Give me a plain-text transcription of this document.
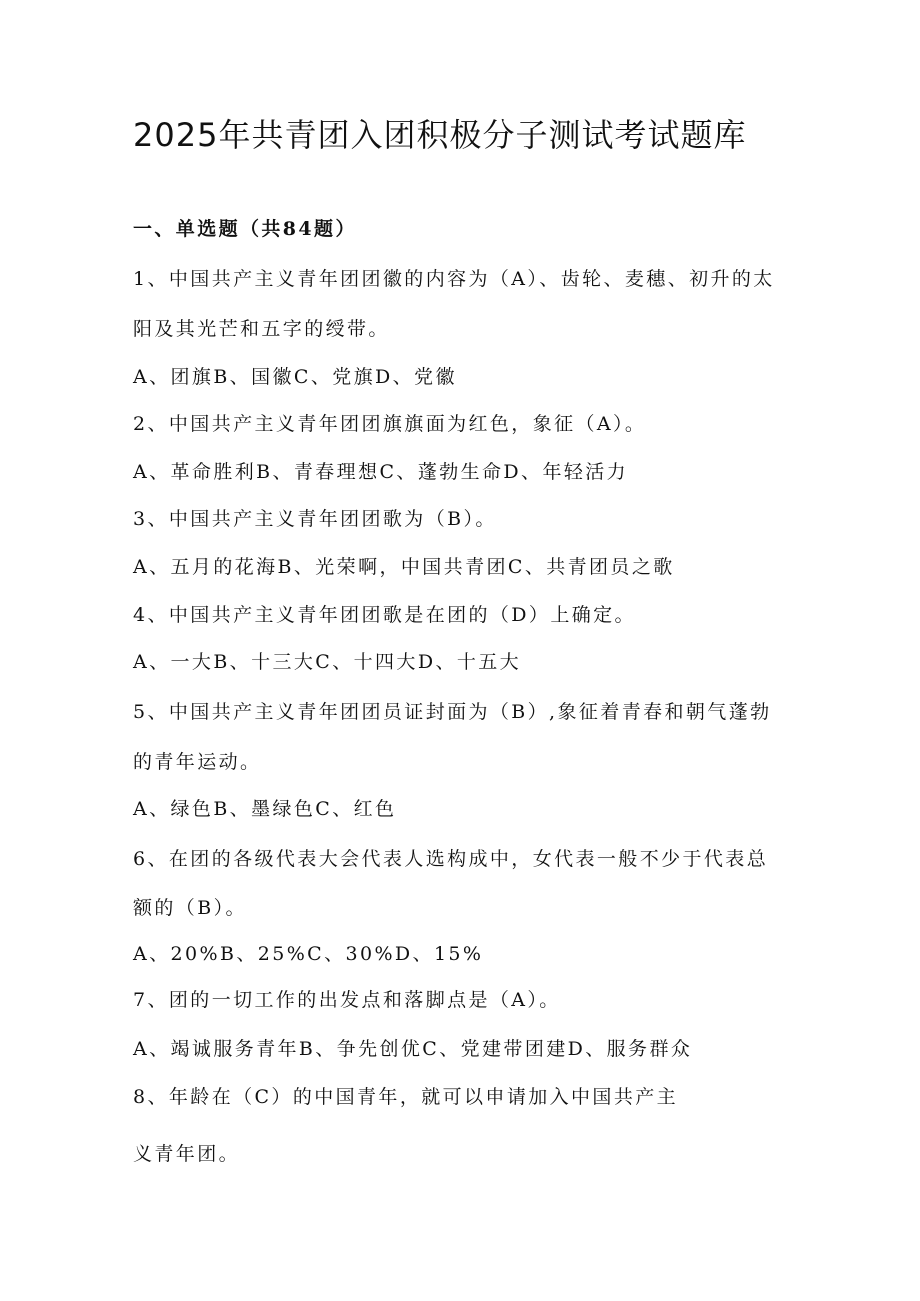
2025年共青团入团积极分子测试考试题库

一、单选题（共84题）

1、中国共产主义青年团团徽的内容为（A）、齿轮、麦穗、初升的太

阳及其光芒和五字的绶带。

A、团旗B、国徽C、党旗D、党徽

2、中国共产主义青年团团旗旗面为红色，象征（A）。

A、革命胜利B、青春理想C、蓬勃生命D、年轻活力

3、中国共产主义青年团团歌为（B）。

A、五月的花海B、光荣啊，中国共青团C、共青团员之歌

4、中国共产主义青年团团歌是在团的（D）上确定。

A、一大B、十三大C、十四大D、十五大

5、中国共产主义青年团团员证封面为（B）,象征着青春和朝气蓬勃

的青年运动。

A、绿色B、墨绿色C、红色

6、在团的各级代表大会代表人选构成中，女代表一般不少于代表总

额的（B）。

A、20%B、25%C、30%D、15%

7、团的一切工作的出发点和落脚点是（A）。

A、竭诚服务青年B、争先创优C、党建带团建D、服务群众

8、年龄在（C）的中国青年，就可以申请加入中国共产主

义青年团。
